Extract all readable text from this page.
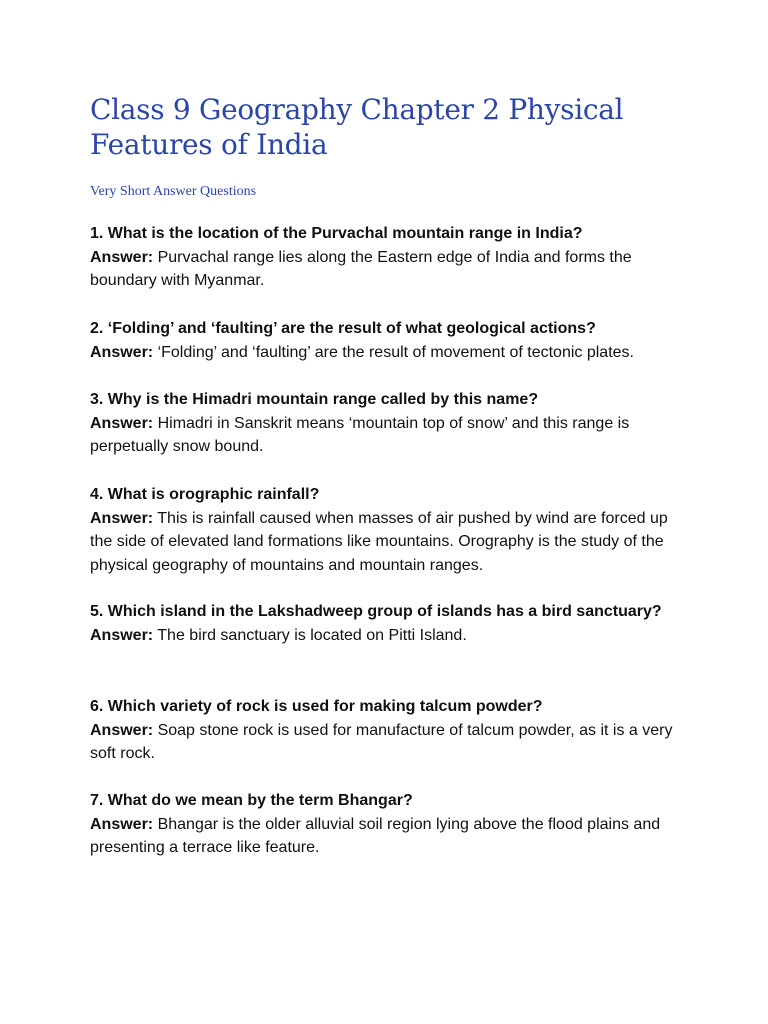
Class 9 Geography Chapter 2 Physical Features of India

Very Short Answer Questions

1. What is the location of the Purvachal mountain range in India?

Answer: Purvachal range lies along the Eastern edge of India and forms the boundary with Myanmar.

2. ‘Folding’ and ‘faulting’ are the result of what geological actions?

Answer: ‘Folding’ and ‘faulting’ are the result of movement of tectonic plates.

3. Why is the Himadri mountain range called by this name?

Answer: Himadri in Sanskrit means ‘mountain top of snow’ and this range is perpetually snow bound.

4. What is orographic rainfall?

Answer: This is rainfall caused when masses of air pushed by wind are forced up the side of elevated land formations like mountains. Orography is the study of the physical geography of mountains and mountain ranges.

5. Which island in the Lakshadweep group of islands has a bird sanctuary?

Answer: The bird sanctuary is located on Pitti Island.

6. Which variety of rock is used for making talcum powder?

Answer: Soap stone rock is used for manufacture of talcum powder, as it is a very soft rock.

7. What do we mean by the term Bhangar?

Answer: Bhangar is the older alluvial soil region lying above the flood plains and presenting a terrace like feature.
